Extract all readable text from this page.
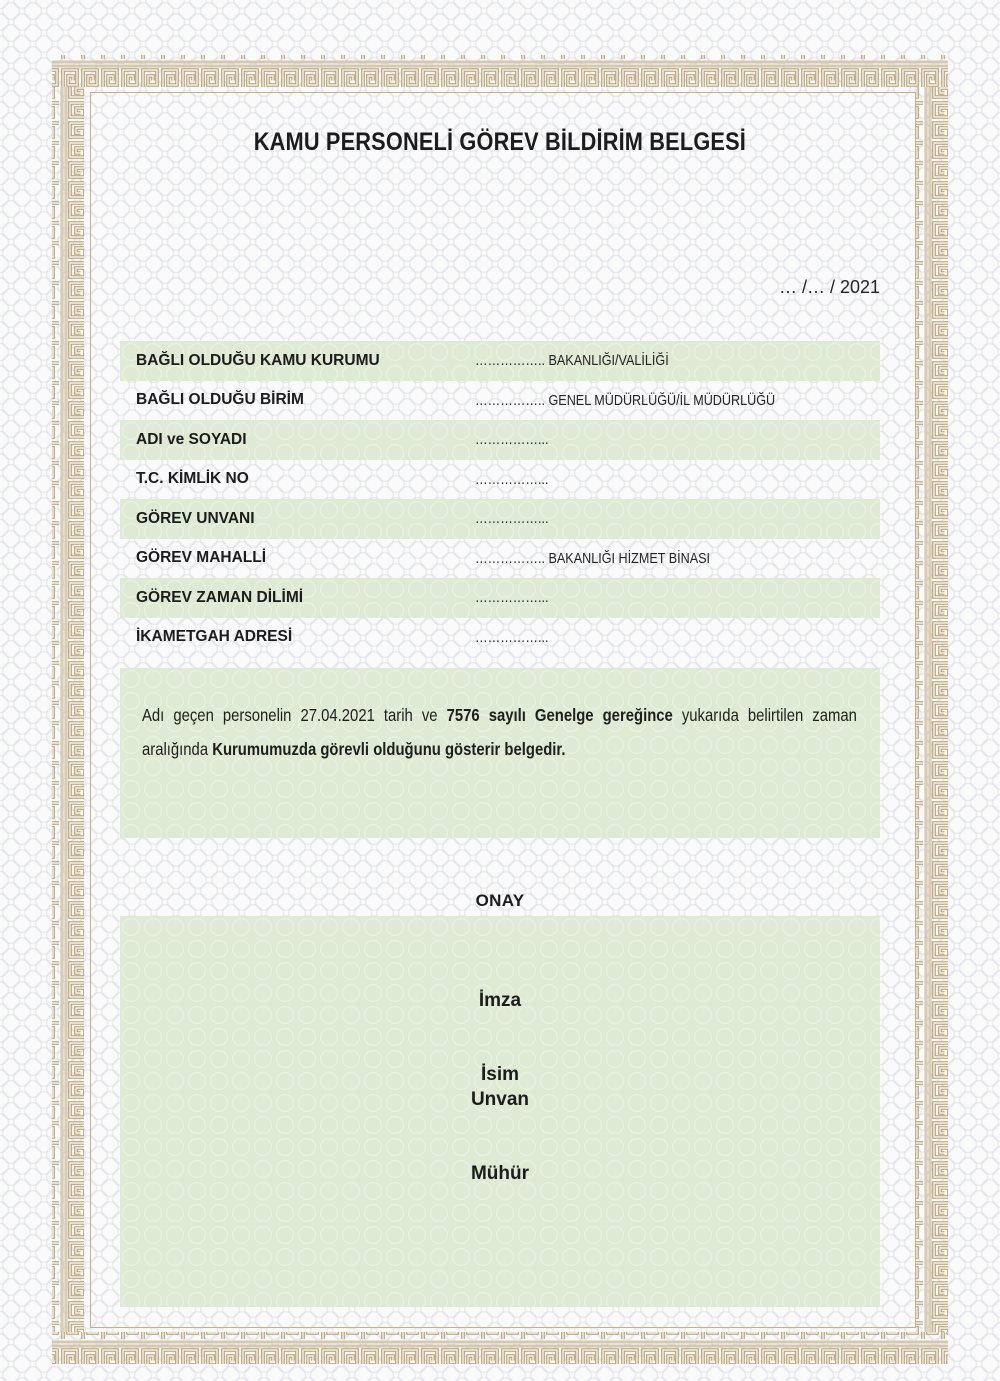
KAMU PERSONELİ GÖREV BİLDİRİM BELGESİ
… /… / 2021
BAĞLI OLDUĞU KAMU KURUMU	…………….. BAKANLIĞI/VALİLİĞİ
BAĞLI OLDUĞU BİRİM	…………….. GENEL MÜDÜRLÜĞÜ/İL MÜDÜRLÜĞÜ
ADI ve SOYADI	……………...
T.C. KİMLİK NO	……………...
GÖREV UNVANI	……………...
GÖREV MAHALLİ	…………….. BAKANLIĞI HİZMET BİNASI
GÖREV ZAMAN DİLİMİ	……………...
İKAMETGAH ADRESİ	……………...
Adı geçen personelin 27.04.2021 tarih ve 7576 sayılı Genelge gereğince yukarıda belirtilen zaman aralığında Kurumumuzda görevli olduğunu gösterir belgedir.
ONAY
İmza
İsim
Unvan
Mühür
